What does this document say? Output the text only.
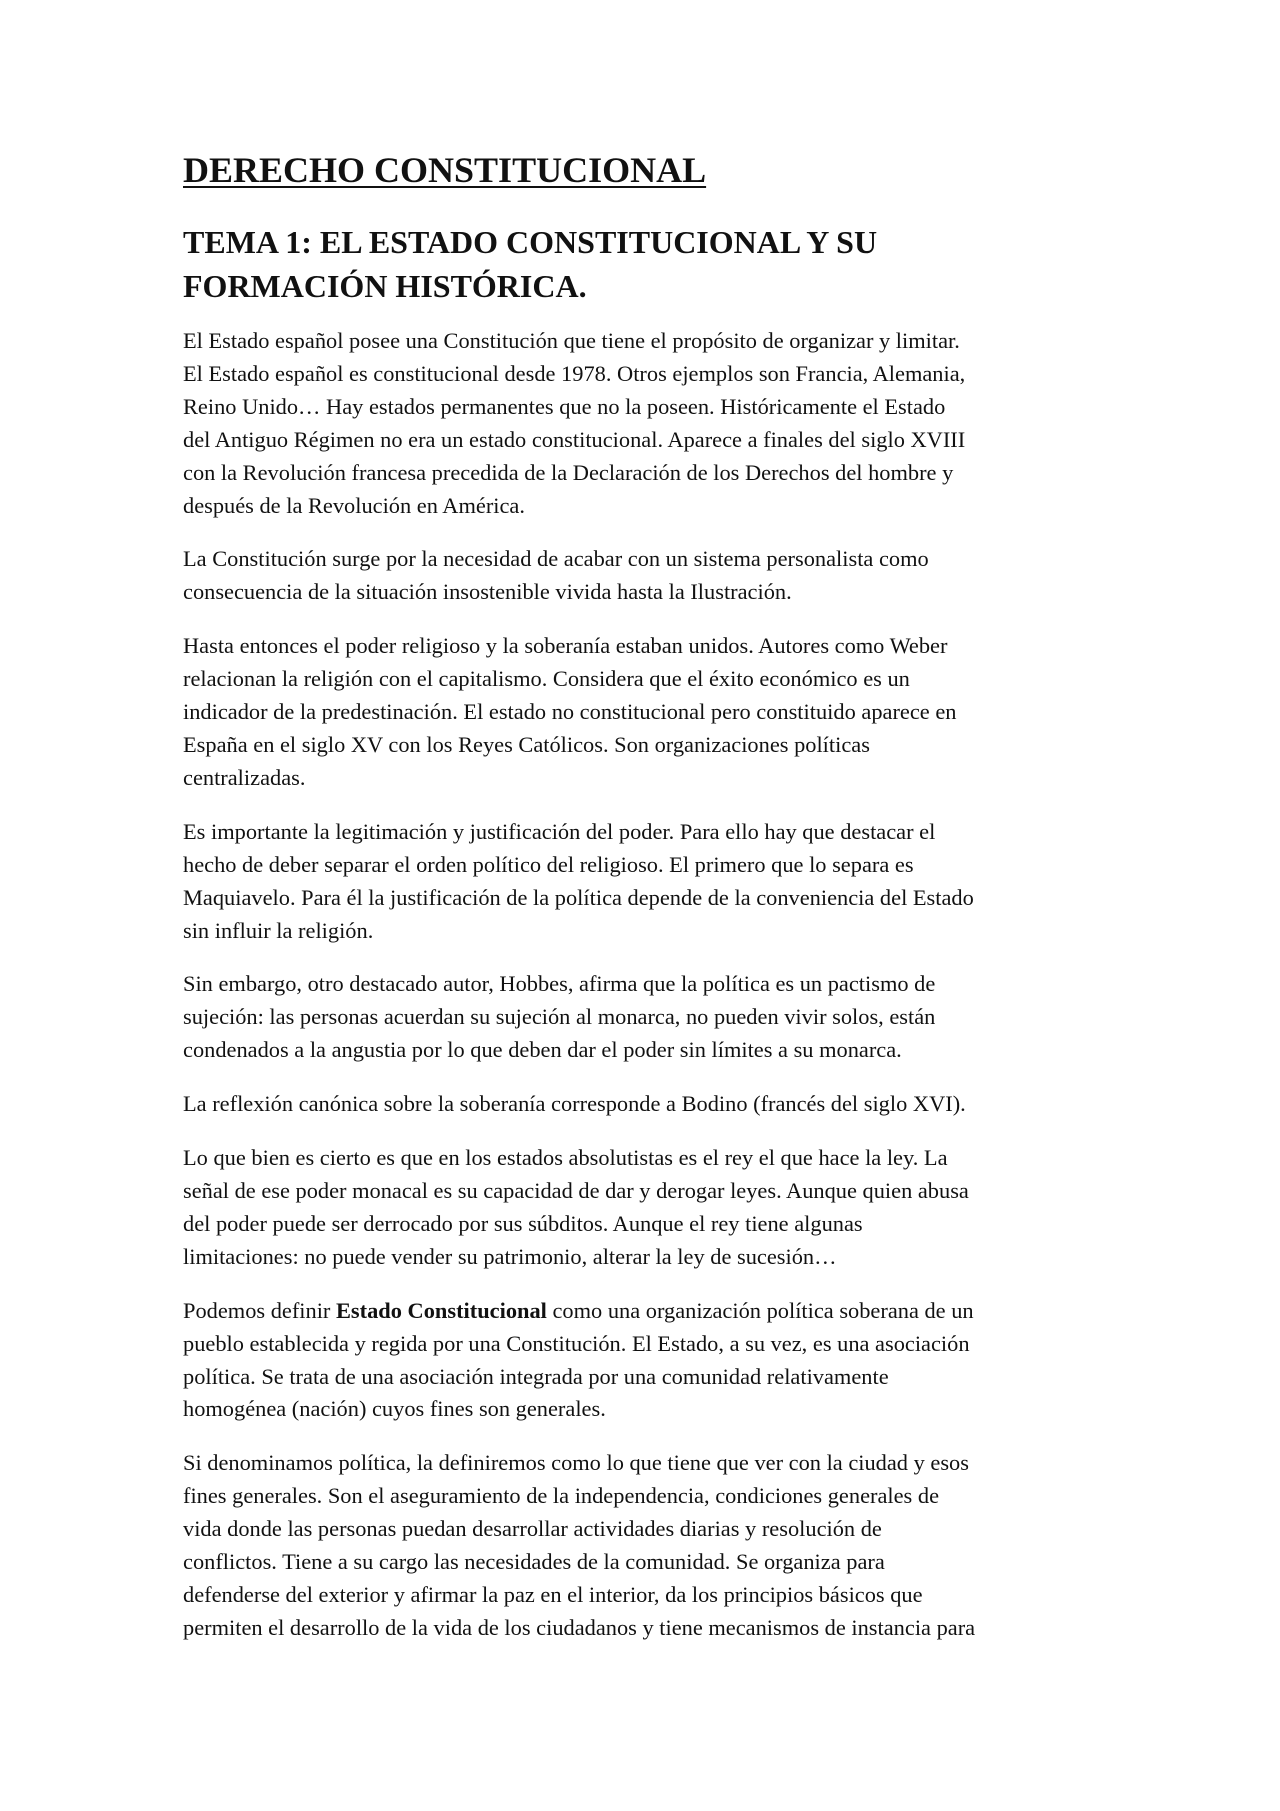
DERECHO CONSTITUCIONAL
TEMA 1: EL ESTADO CONSTITUCIONAL Y SU
FORMACIÓN HISTÓRICA.

El Estado español posee una Constitución que tiene el propósito de organizar y limitar.
El Estado español es constitucional desde 1978. Otros ejemplos son Francia, Alemania,
Reino Unido… Hay estados permanentes que no la poseen. Históricamente el Estado
del Antiguo Régimen no era un estado constitucional. Aparece a finales del siglo XVIII
con la Revolución francesa precedida de la Declaración de los Derechos del hombre y
después de la Revolución en América.

La Constitución surge por la necesidad de acabar con un sistema personalista como
consecuencia de la situación insostenible vivida hasta la Ilustración.

Hasta entonces el poder religioso y la soberanía estaban unidos. Autores como Weber
relacionan la religión con el capitalismo. Considera que el éxito económico es un
indicador de la predestinación. El estado no constitucional pero constituido aparece en
España en el siglo XV con los Reyes Católicos. Son organizaciones políticas
centralizadas.

Es importante la legitimación y justificación del poder. Para ello hay que destacar el
hecho de deber separar el orden político del religioso. El primero que lo separa es
Maquiavelo. Para él la justificación de la política depende de la conveniencia del Estado
sin influir la religión.

Sin embargo, otro destacado autor, Hobbes, afirma que la política es un pactismo de
sujeción: las personas acuerdan su sujeción al monarca, no pueden vivir solos, están
condenados a la angustia por lo que deben dar el poder sin límites a su monarca.

La reflexión canónica sobre la soberanía corresponde a Bodino (francés del siglo XVI).

Lo que bien es cierto es que en los estados absolutistas es el rey el que hace la ley. La
señal de ese poder monacal es su capacidad de dar y derogar leyes. Aunque quien abusa
del poder puede ser derrocado por sus súbditos. Aunque el rey tiene algunas
limitaciones: no puede vender su patrimonio, alterar la ley de sucesión…

Podemos definir Estado Constitucional como una organización política soberana de un
pueblo establecida y regida por una Constitución. El Estado, a su vez, es una asociación
política. Se trata de una asociación integrada por una comunidad relativamente
homogénea (nación) cuyos fines son generales.

Si denominamos política, la definiremos como lo que tiene que ver con la ciudad y esos
fines generales. Son el aseguramiento de la independencia, condiciones generales de
vida donde las personas puedan desarrollar actividades diarias y resolución de
conflictos. Tiene a su cargo las necesidades de la comunidad. Se organiza para
defenderse del exterior y afirmar la paz en el interior, da los principios básicos que
permiten el desarrollo de la vida de los ciudadanos y tiene mecanismos de instancia para
